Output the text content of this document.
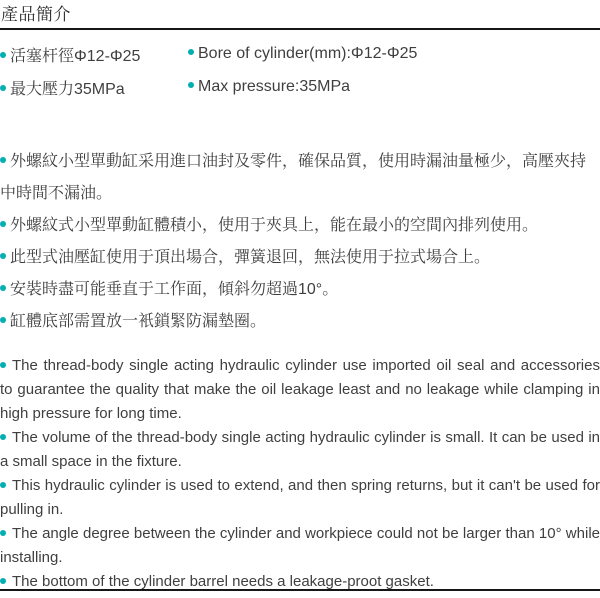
產品簡介
活塞杆徑Φ12-Φ25	Bore of cylinder(mm):Φ12-Φ25
最大壓力35MPa	Max pressure:35MPa

外螺紋小型單動缸采用進口油封及零件，確保品質，使用時漏油量極少，高壓夾持中時間不漏油。

外螺紋式小型單動缸體積小，使用于夾具上，能在最小的空間內排列使用。

此型式油壓缸使用于頂出場合，彈簧退回，無法使用于拉式場合上。

安裝時盡可能垂直于工作面，傾斜勿超過10°。

缸體底部需置放一衹鎖緊防漏墊圈。

The thread-body single acting hydraulic cylinder use imported oil seal and accessories to guarantee the quality that make the oil leakage least and no leakage while clamping in high pressure for long time.

The volume of the thread-body single acting hydraulic cylinder is small. It can be used in a small space in the fixture.

This hydraulic cylinder is used to extend, and then spring returns, but it can't be used for pulling in.

The angle degree between the cylinder and workpiece could not be larger than 10° while installing.

The bottom of the cylinder barrel needs a leakage-proot gasket.
